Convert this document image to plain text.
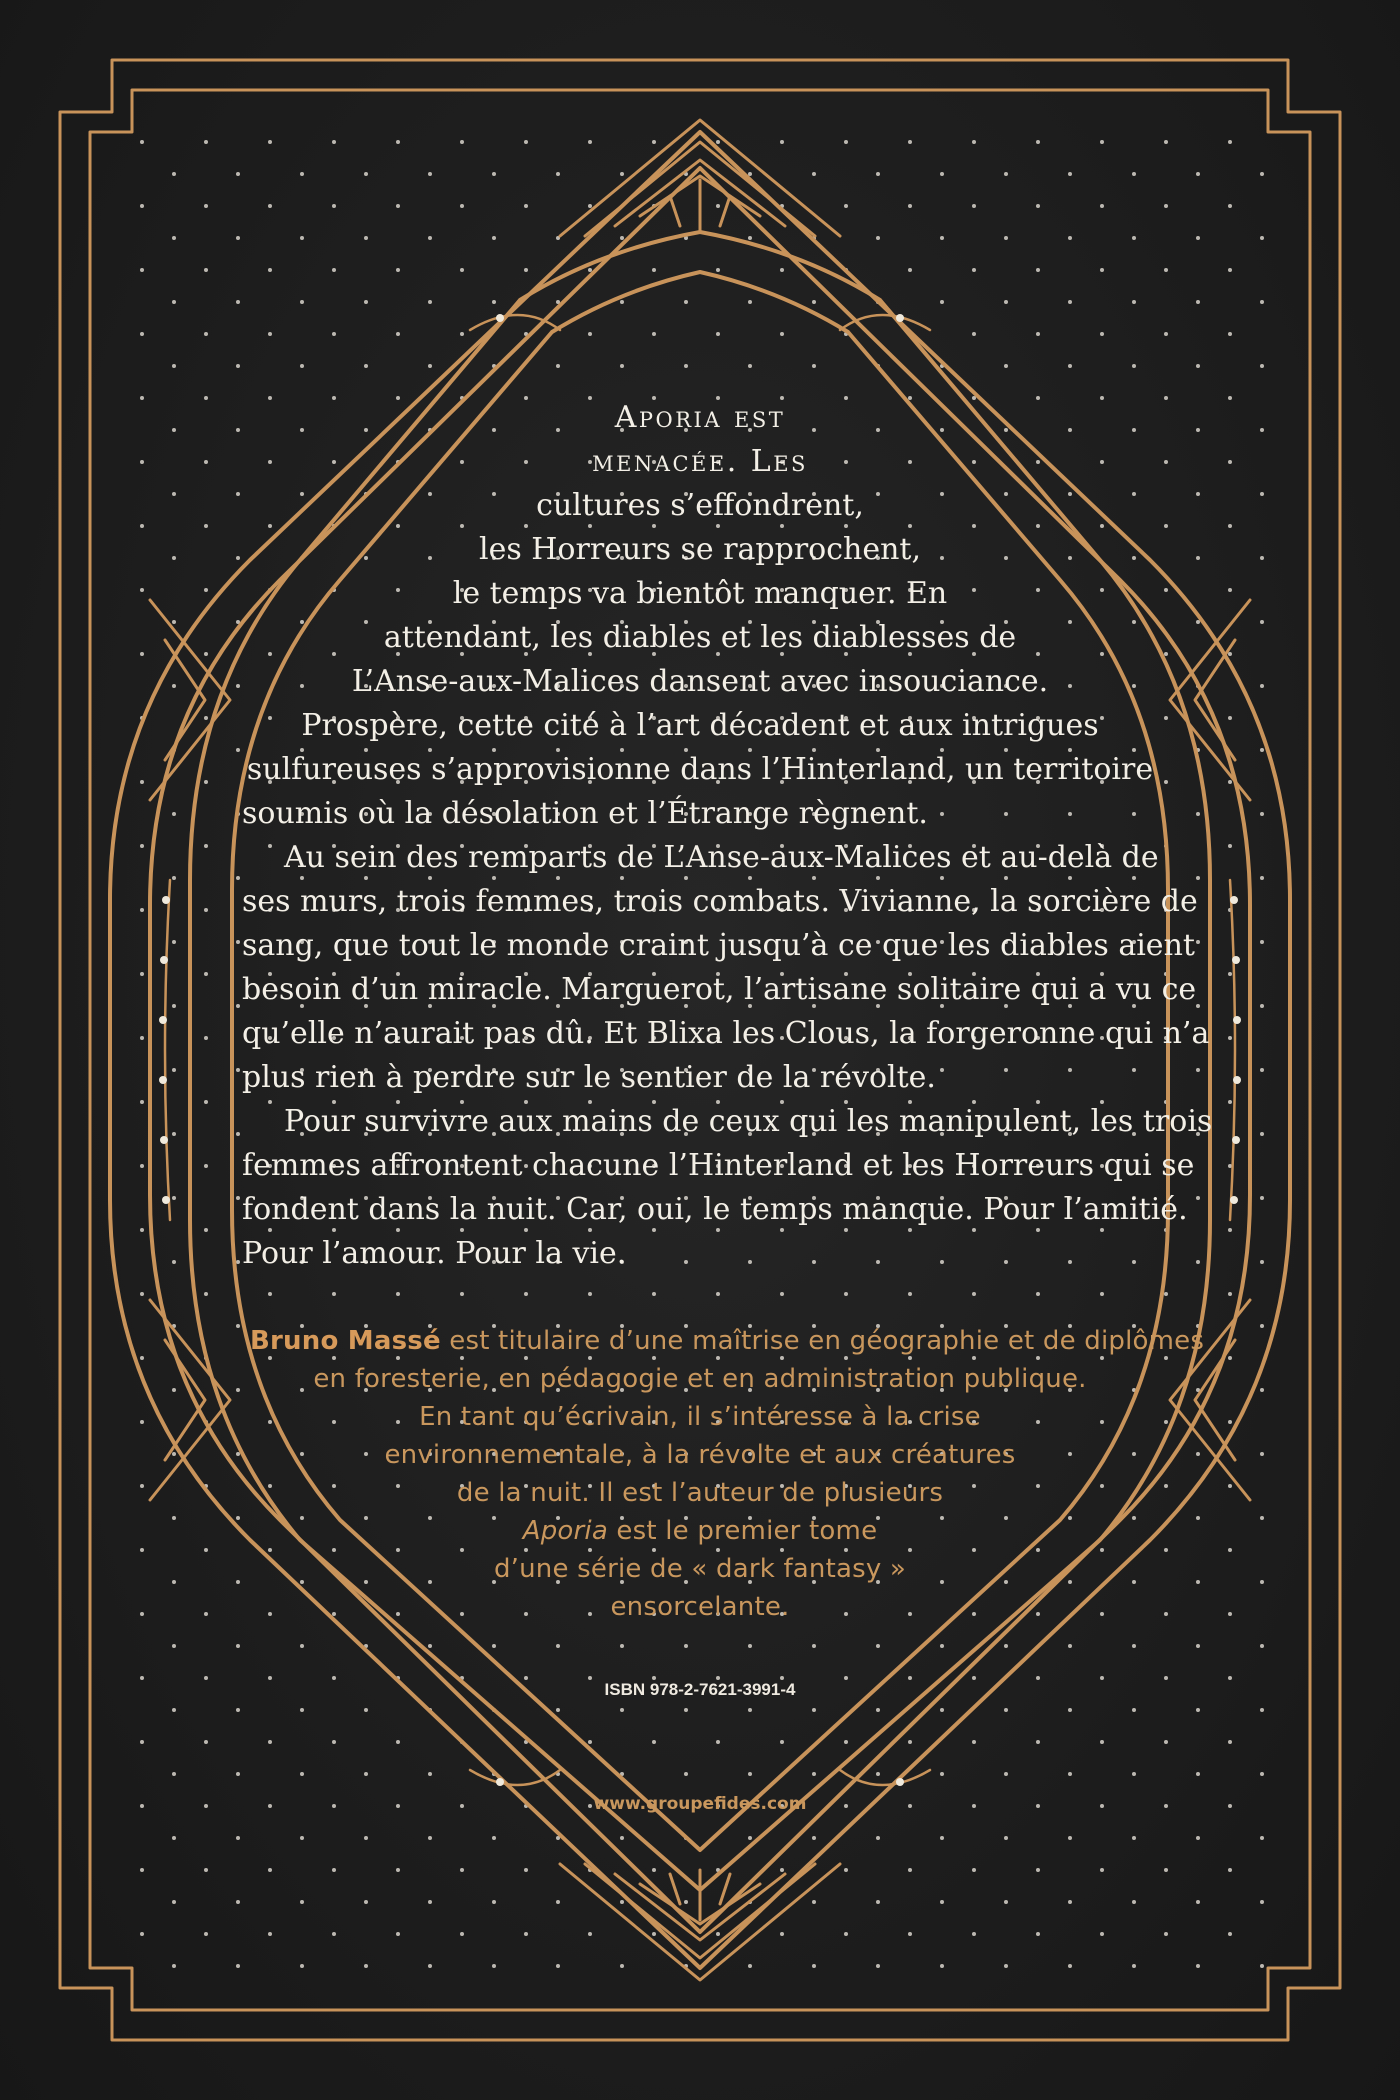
Aporia est
menacée. Les
cultures s’effondrent,
les Horreurs se rapprochent,
le temps va bientôt manquer. En
attendant, les diables et les diablesses de
L’Anse-aux-Malices dansent avec insouciance.
Prospère, cette cité à l’art décadent et aux intrigues
sulfureuses s’approvisionne dans l’Hinterland, un territoire
soumis où la désolation et l’Étrange règnent.

Au sein des remparts de L’Anse-aux-Malices et au-delà de
ses murs, trois femmes, trois combats. Vivianne, la sorcière de
sang, que tout le monde craint jusqu’à ce que les diables aient
besoin d’un miracle. Marguerot, l’artisane solitaire qui a vu ce
qu’elle n’aurait pas dû. Et Blixa les Clous, la forgeronne qui n’a
plus rien à perdre sur le sentier de la révolte.

Pour survivre aux mains de ceux qui les manipulent, les trois
femmes affrontent chacune l’Hinterland et les Horreurs qui se
fondent dans la nuit. Car, oui, le temps manque. Pour l’amitié.
Pour l’amour. Pour la vie.

Bruno Massé est titulaire d’une maîtrise en géographie et de diplômes
en foresterie, en pédagogie et en administration publique.
En tant qu’écrivain, il s’intéresse à la crise
environnementale, à la révolte et aux créatures
de la nuit. Il est l’auteur de plusieurs
Aporia est le premier tome
d’une série de « dark fantasy »
ensorcelante.

ISBN 978-2-7621-3991-4

www.groupefides.com
